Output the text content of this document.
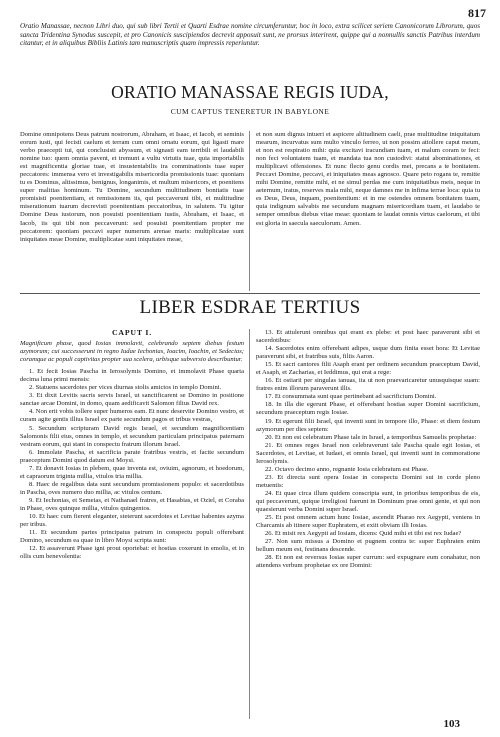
817
Oratio Manassae, necnon Libri duo, qui sub libri Tertii et Quarti Esdrae nomine circumferuntur, hoc in loco, extra scilicet seriem Canonicorum Librorum, quos sancta Tridentina Synodus suscepit, et pro Canonicis suscipiendos decrevit apposuit sunt, ne prorsus interirent, quippe qui a nonnullis sanctis Patribus interdum citantur, et in aliquibus Bibliis Latinis tam manuscriptis quam impressis reperiuntur.
ORATIO MANASSAE REGIS IUDA,
CUM CAPTUS TENERETUR IN BABYLONE
Domine omnipotens Deus patrum nostrorum, Abraham, et Isaac, et Iacob, et seminis eorum iusti, qui fecisti caelum et terram cum omni ornatu eorum, qui ligasti mare verbo praecepti tui, qui conclusisti abyssum, et signasti eam terribili et laudabili nomine tuo: quem omnia pavent, et tremunt a vultu virtutis tuae, quia importabilis est magnificentia gloriae tuae, et insustentabilis ira comminationis tuae super peccatores: immensa vero et investigabilis misericordia promissionis tuae: quoniam tu es Dominus, altissimus, benignus, longanimis, et multum misericors, et poenitens super malitias hominum. Tu Domine, secundum multitudinem bonitatis tuae promisisti poenitentiam, et remissionem iis, qui peccaverunt tibi, et multitudine miserationum tuarum decrevisti poenitentiam peccatoribus, in salutem. Tu igitur Domine Deus iustorum, non posuisti poenitentiam iustis, Abraham, et Isaac, et Iacob, iis qui tibi non peccaverunt: sed posuisti poenitentiam propter me peccatorem: quoniam peccavi super numerum arenae maris: multiplicatae sunt iniquitates meae Domine, multiplicatae sunt iniquitates meae,
et non sum dignus intueri et aspicere altitudinem caeli, prae multitudine iniquitatum mearum, incurvatus sum multo vinculo ferreo, ut non possim attollere caput meum, et non est respiratio mihi: quia excitavi iracundiam tuam, et malum coram te feci: non feci voluntatem tuam, et mandata tua non custodivi: statui abominationes, et multiplicavi offensiones. Et nunc flecto genu cordis mei, precans a te bonitatem. Peccavi Domine, peccavi, et iniquitates meas agnosco. Quare peto rogans te, remitte mihi Domine, remitte mihi, et ne simul perdas me cum iniquitatibus meis, neque in aeternum, iratus, reserves mala mihi, neque damnes me in infima terrae loca: quia tu es Deus, Deus, inquam, poenitentium: et in me ostendes omnem bonitatem tuam, quia indignum salvabis me secundum magnam misericordiam tuam, et laudabo te semper omnibus diebus vitae meae: quoniam te laudat omnis virtus caelorum, et tibi est gloria in saecula saeculorum. Amen.
LIBER ESDRAE TERTIUS
CAPUT I.
Magnificum phase, quod Iosias immolavit, celebrando septem diebus festum azymorum; cui successerunt in regno Iudae Iechonias, Ioacim, Ioachin, et Sedecias; coramque ac populi captivitas propter sua scelera, urbisque subversio describuntur.
1. Et fecit Iosias Pascha in Ierosolymis Domino, et immolavit Phase quarta decima luna primi mensis:
2. Statuens sacerdotes per vices diurnas stolis amictos in templo Domini.
3. Et dixit Levitis sacris servis Israel, ut sanctificarent se Domino in positione sanctae arcae Domini, in domo, quam aedificavit Salomon filius David rex.
4. Non erit vobis tollere super humeros eam. Et nunc deservite Domino vestro, et curam agite gentis illius Israel ex parte secundum pagos et tribus vestras,
5. Secundum scripturam David regis Israel, et secundum magnificentiam Salomonis filii eius, omnes in templo, et secundum particulam principatus paternam vestram eorum, qui stant in conspectu fratrum illorum Israel.
6. Immolate Pascha, et sacrificia parate fratribus vestris, et facite secundum praeceptum Domini quod datum est Moysi.
7. Et donavit Iosias in plebem, quae inventa est, oviuim, agnorum, et hoedorum, et capraorum triginta millia, vitulos tria millia.
8. Haec de regalibus data sunt secundum promissionem populo: et sacerdotibus in Pascha, oves numero duo millia, ac vitulos centum.
9. Et Iechonias, et Semeias, et Nathanael fratres, et Hasabias, et Oziel, et Coraba in Phase, oves quinque millia, vitulos quingentos.
10. Et haec cum fierent eleganter, steterunt sacerdotes et Levitae habentes azyma per tribus.
11. Et secundum partes principatus patrum in conspectu populi offerebant Domino, secundum ea quae in libro Moysi scripta sunt:
12. Et assaverunt Phase igni prout oportebat: et hostias coxerunt in emolis, et in ollis cum benevolentia:
13. Et attulerunt omnibus qui erant ex plebe: et post haec paraverunt sibi et sacerdotibus:
14. Sacerdotes enim offerebant adipes, usque dum finita esset hora: Et Levitae paraverunt sibi, et fratribus suis, filiis Aaron.
15. Et sacri cantores filii Asaph erant per ordinem secundum praeceptum David, et Asaph, et Zacharias, et Ieddimus, qui erat a rege:
16. Et ostiarii per singulas ianuas, ita ut non praevaricaretur unusquisque suam: fratres enim illorum paraverunt illis.
17. Et consummata sunt quae pertinebant ad sacrificium Domini.
18. In illa die egerunt Phase, et offerebant hostias super Domini sacrificium, secundum praeceptum regis Iosiae.
19. Et egerunt filii Israel, qui inventi sunt in tempore illo, Phase: et diem festum azymorum per dies septem:
20. Et non est celebratum Phase tale in Israel, a temporibus Samuelis prophetae:
21. Et omnes reges Israel non celebraverunt tale Pascha quale egit Iosias, et Sacerdotes, et Levitae, et Iudaei, et omnis Israel, qui inventi sunt in commoratione Ierosolymis.
22. Octavo decimo anno, regnante Iosia celebratum est Phase.
23. Et directa sunt opera Iosiae in conspectu Domini sui in corde pleno metuentis:
24. Et quae circa illum quidem conscripta sunt, in prioribus temporibus de eis, qui peccaverunt, quique irreligiosi fuerunt in Dominum prae omni gente, et qui non quaesierunt verba Domini super Israel.
25. Et post omnem actum hunc Iosiae, ascendit Pharao rex Aegypti, veniens in Charcamis ab itinere super Euphratem, et exiit obviam illi Iosias.
26. Et misit rex Aegypti ad Iosiam, dicens: Quid mihi et tibi est rex Iudae?
27. Non sum missus a Domino et pugnem contra te: super Euphraten enim bellum meum est, festinans descende.
28. Et non est reversus Iosias super currum: sed expugnare eum conabatur, non attendens verbum prophetae ex ore Domini:
103
